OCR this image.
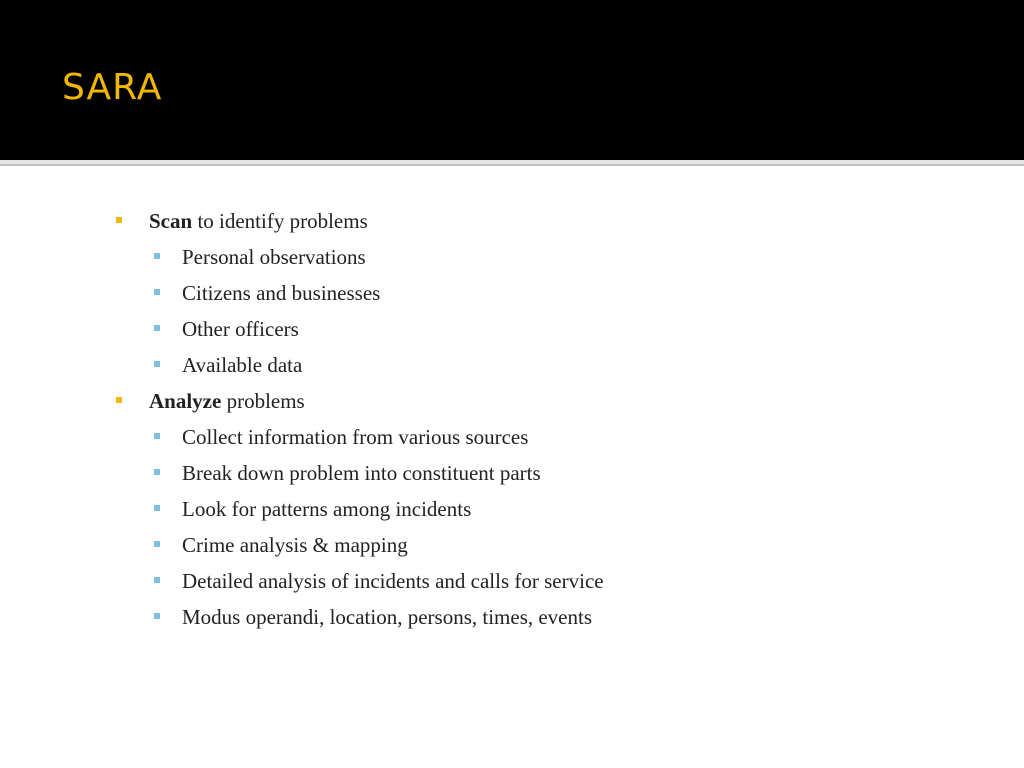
SARA
Scan to identify problems
Personal observations
Citizens and businesses
Other officers
Available data
Analyze problems
Collect information from various sources
Break down problem into constituent parts
Look for patterns among incidents
Crime analysis & mapping
Detailed analysis of incidents and calls for service
Modus operandi, location, persons, times, events
